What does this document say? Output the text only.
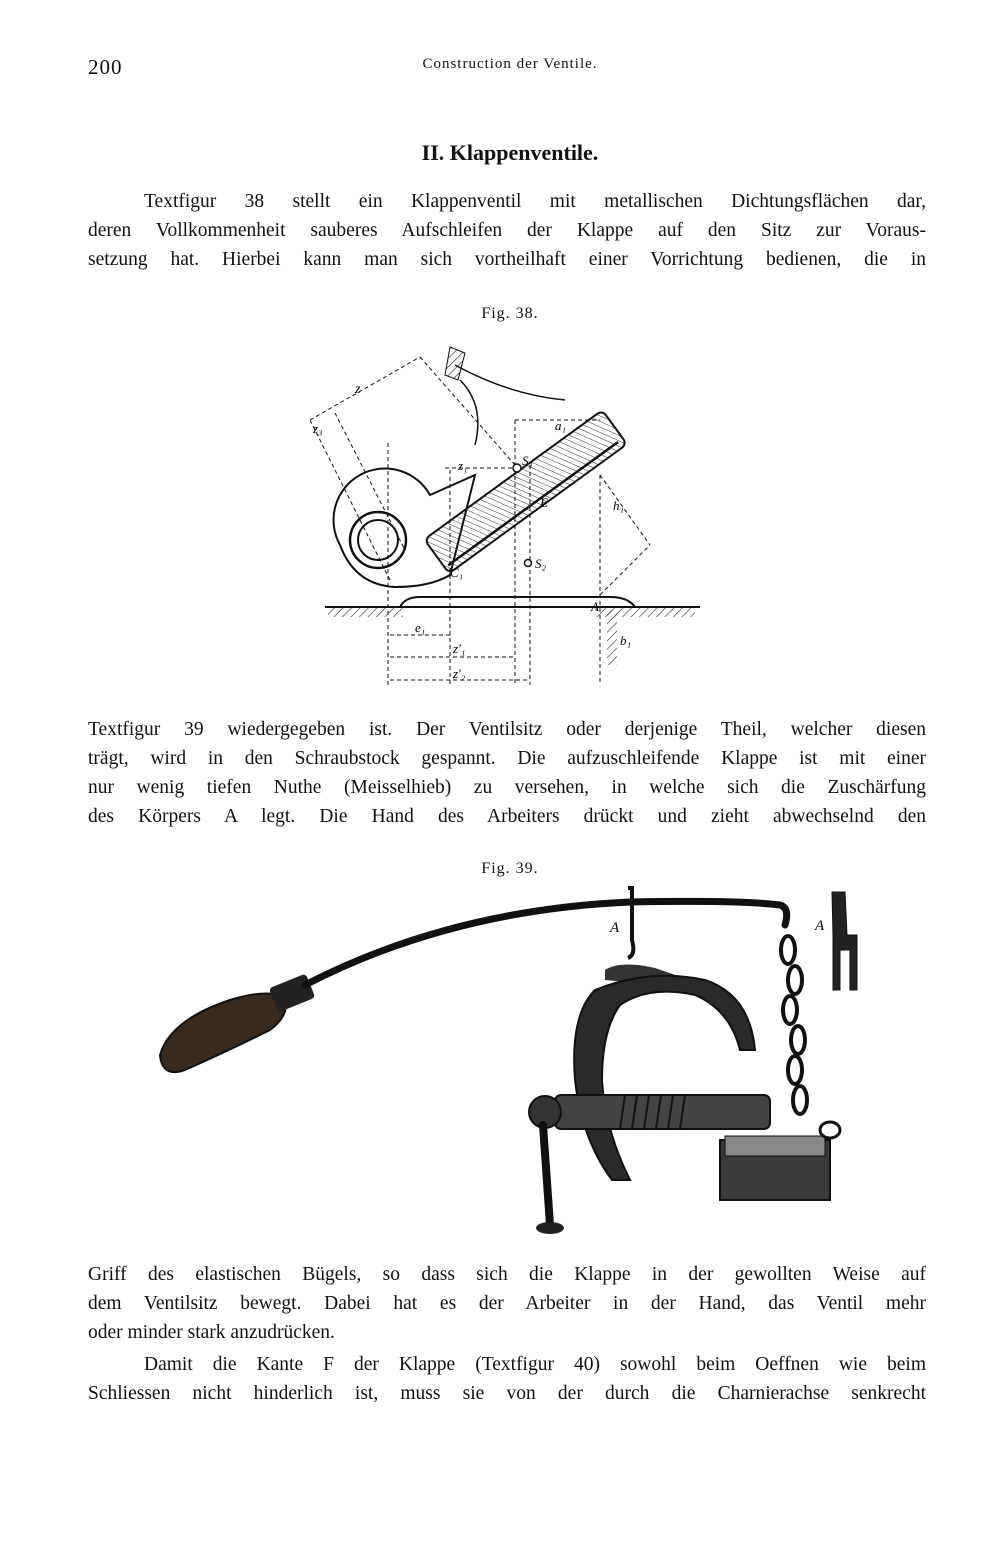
200	Construction der Ventile.
II. Klappenventile.
Textfigur 38 stellt ein Klappenventil mit metallischen Dichtungsflächen dar,
deren Vollkommenheit sauberes Aufschleifen der Klappe auf den Sitz zur Voraus-
setzung hat. Hierbei kann man sich vortheilhaft einer Vorrichtung bedienen, die in
Fig. 38.
z
z₃
z₁
a₁
S₁
S₂
E	h₁
C₁
A
e₁
z'₁
z'₂
b₁
Textfigur 39 wiedergegeben ist. Der Ventilsitz oder derjenige Theil, welcher diesen
trägt, wird in den Schraubstock gespannt. Die aufzuschleifende Klappe ist mit einer
nur wenig tiefen Nuthe (Meisselhieb) zu versehen, in welche sich die Zuschärfung
des Körpers A legt. Die Hand des Arbeiters drückt und zieht abwechselnd den
Fig. 39.
A	A
Griff des elastischen Bügels, so dass sich die Klappe in der gewollten Weise auf
dem Ventilsitz bewegt. Dabei hat es der Arbeiter in der Hand, das Ventil mehr
oder minder stark anzudrücken.
Damit die Kante F der Klappe (Textfigur 40) sowohl beim Oeffnen wie beim
Schliessen nicht hinderlich ist, muss sie von der durch die Charnierachse senkrecht
